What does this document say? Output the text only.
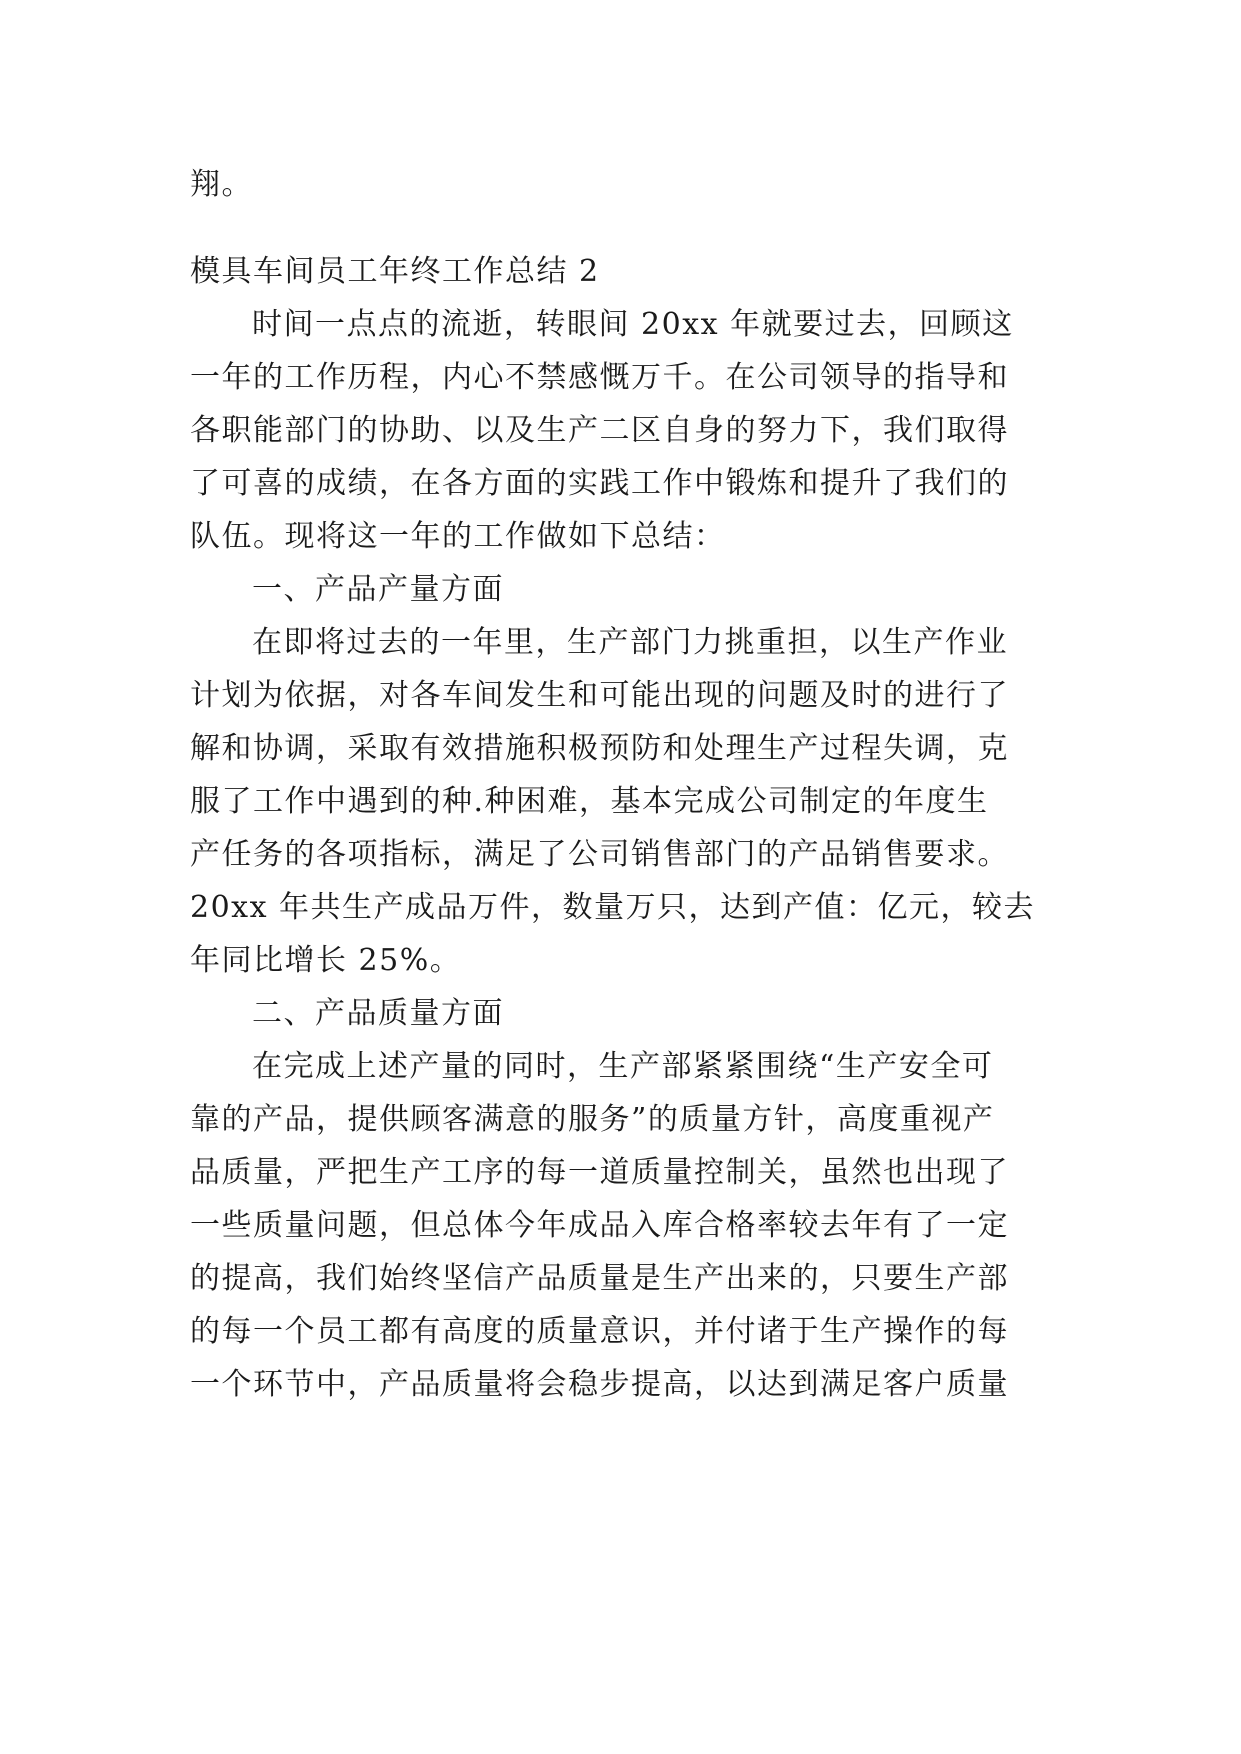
翔。
模具车间员工年终工作总结 2
时间一点点的流逝，转眼间 20xx 年就要过去，回顾这
一年的工作历程，内心不禁感慨万千。在公司领导的指导和
各职能部门的协助、以及生产二区自身的努力下，我们取得
了可喜的成绩，在各方面的实践工作中锻炼和提升了我们的
队伍。现将这一年的工作做如下总结：
一、产品产量方面
在即将过去的一年里，生产部门力挑重担，以生产作业
计划为依据，对各车间发生和可能出现的问题及时的进行了
解和协调，采取有效措施积极预防和处理生产过程失调，克
服了工作中遇到的种.种困难，基本完成公司制定的年度生
产任务的各项指标，满足了公司销售部门的产品销售要求。
20xx 年共生产成品万件，数量万只，达到产值：亿元，较去
年同比增长 25%。
二、产品质量方面
在完成上述产量的同时，生产部紧紧围绕“生产安全可
靠的产品，提供顾客满意的服务”的质量方针，高度重视产
品质量，严把生产工序的每一道质量控制关，虽然也出现了
一些质量问题，但总体今年成品入库合格率较去年有了一定
的提高，我们始终坚信产品质量是生产出来的，只要生产部
的每一个员工都有高度的质量意识，并付诸于生产操作的每
一个环节中，产品质量将会稳步提高，以达到满足客户质量
